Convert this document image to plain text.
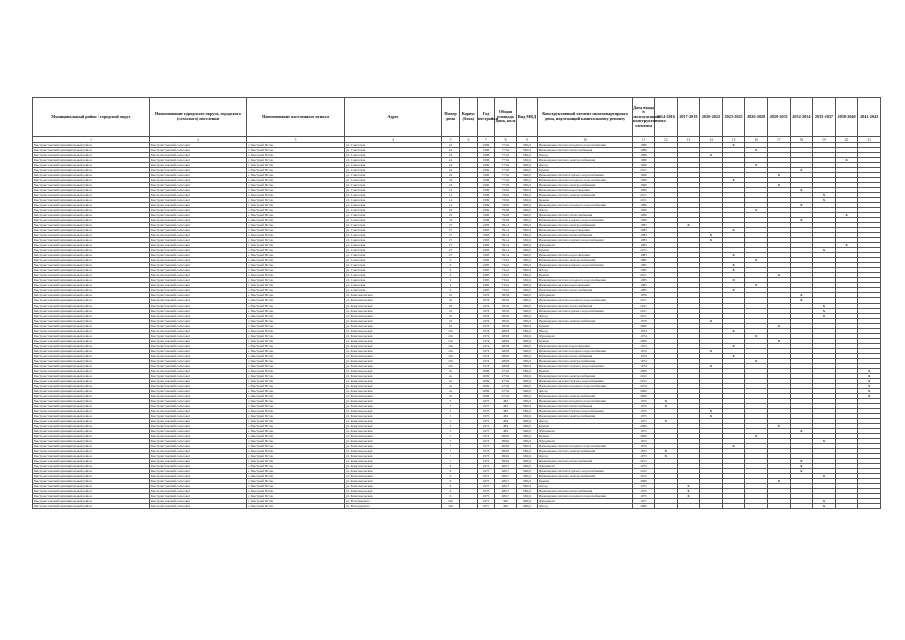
Муниципальный район / городской округ	Наименование городского округа, городского (сельского) поселения	Наименование населенного пункта	Адрес	Номер дома	Корпус (блок)	Год постройки	Общая площадь дома, кв.м	Вид МКД	Конструктивный элемент многоквартирного дома, подлежащий капитальному ремонту	Дата ввода в эксплуатацию конструктивного элемента	2014-2016	2017-2019	2020-2022	2023-2025	2026-2028	2029-2031	2032-2034	2035-2037	2038-2040	2041-2043
1	2	3	4	5	6	7	8	9	10	11	12	13	14	15	16	17	18	19	20	21
Быстроистокский муниципальный район	Быстроистокский сельсовет	с. Быстрый Исток	ул. Советская	24		1986	773,6	МКД	Инженерная система холодного водоснабжения	1986				X						
Быстроистокский муниципальный район	Быстроистокский сельсовет	с. Быстрый Исток	ул. Советская	24		1986	773,6	МКД	Инженерная система теплоснабжения	1986					X					
Быстроистокский муниципальный район	Быстроистокский сельсовет	с. Быстрый Исток	ул. Советская	24		1986	773,6	МКД	Фасад	1986			X							
Быстроистокский муниципальный район	Быстроистокский сельсовет	с. Быстрый Исток	ул. Советская	24		1986	773,6	МКД	Инженерная система электроснабжения	1990									X	
Быстроистокский муниципальный район	Быстроистокский сельсовет	с. Быстрый Исток	ул. Советская	24		1990	773,6	МКД	Фасад	1990					X					
Быстроистокский муниципальный район	Быстроистокский сельсовет	с. Быстрый Исток	ул. Советская	24		1990	773,6	МКД	Крыша	2011							X			
Быстроистокский муниципальный район	Быстроистокский сельсовет	с. Быстрый Исток	ул. Советская	24		1990	773,6	МКД	Инженерная система горячего водоснабжения	1990						X				
Быстроистокский муниципальный район	Быстроистокский сельсовет	с. Быстрый Исток	ул. Советская	24		1990	773,6	МКД	Инженерная система холодного водоснабжения	1990				X						
Быстроистокский муниципальный район	Быстроистокский сельсовет	с. Быстрый Исток	ул. Советская	24		1990	773,6	МКД	Инженерная система электроснабжения	1990						X				
Быстроистокский муниципальный район	Быстроистокский сельсовет	с. Быстрый Исток	ул. Советская	14		1999	726,6	МКД	Инженерная система водоотведения	1999							X			
Быстроистокский муниципальный район	Быстроистокский сельсовет	с. Быстрый Исток	ул. Советская	14		1999	726,6	МКД	Инженерная система электроснабжения	2011								X		
Быстроистокский муниципальный район	Быстроистокский сельсовет	с. Быстрый Исток	ул. Советская	14		1999	726,6	МКД	Крыша	2011								X		
Быстроистокский муниципальный район	Быстроистокский сельсовет	с. Быстрый Исток	ул. Советская	14		1999	726,6	МКД	Инженерная система холодного водоснабжения	1999							X			
Быстроистокский муниципальный район	Быстроистокский сельсовет	с. Быстрый Исток	ул. Советская	23		1990	794,8	МКД	Фасад	1990					X					
Быстроистокский муниципальный район	Быстроистокский сельсовет	с. Быстрый Исток	ул. Советская	23		1990	794,8	МКД	Инженерная система теплоснабжения	1990									X	
Быстроистокский муниципальный район	Быстроистокский сельсовет	с. Быстрый Исток	ул. Советская	23		1990	794,8	МКД	Инженерная система горячего водоснабжения	1990							X			
Быстроистокский муниципальный район	Быстроистокский сельсовет	с. Быстрый Исток	ул. Советская	27		1983	391,4	МКД	Инженерная система электроснабжения	1983		X								
Быстроистокский муниципальный район	Быстроистокский сельсовет	с. Быстрый Исток	ул. Советская	27		1983	391,4	МКД	Инженерная система водоотведения	1983				X						
Быстроистокский муниципальный район	Быстроистокский сельсовет	с. Быстрый Исток	ул. Советская	27		1983	391,4	МКД	Инженерная система теплоснабжения	1983			X							
Быстроистокский муниципальный район	Быстроистокский сельсовет	с. Быстрый Исток	ул. Советская	27		1983	391,4	МКД	Инженерная система горячего водоснабжения	1983			X							
Быстроистокский муниципальный район	Быстроистокский сельсовет	с. Быстрый Исток	ул. Советская	27		1983	391,4	МКД	Фундамент	1983									X	
Быстроистокский муниципальный район	Быстроистокский сельсовет	с. Быстрый Исток	ул. Советская	27		1983	391,4	МКД	Крыша	2011								X		
Быстроистокский муниципальный район	Быстроистокский сельсовет	с. Быстрый Исток	ул. Советская	27		1983	391,4	МКД	Инженерная система водоотведения	1983				X						
Быстроистокский муниципальный район	Быстроистокский сельсовет	с. Быстрый Исток	ул. Советская	9		1985	734,2	МКД	Инженерная система электроснабжения	1985					X					
Быстроистокский муниципальный район	Быстроистокский сельсовет	с. Быстрый Исток	ул. Советская	9		1985	734,2	МКД	Инженерная система горячего водоснабжения	1985				X						
Быстроистокский муниципальный район	Быстроистокский сельсовет	с. Быстрый Исток	ул. Советская	9		1985	734,2	МКД	Фасад	1985				X						
Быстроистокский муниципальный район	Быстроистокский сельсовет	с. Быстрый Исток	ул. Советская	9		1985	734,2	МКД	Крыша	2011						X				
Быстроистокский муниципальный район	Быстроистокский сельсовет	с. Быстрый Исток	ул. Советская	9		1985	734,2	МКД	Инженерная система холодного водоснабжения	1985				X						
Быстроистокский муниципальный район	Быстроистокский сельсовет	с. Быстрый Исток	ул. Советская	9		1985	734,2	МКД	Инженерная система водоотведения	1985					X					
Быстроистокский муниципальный район	Быстроистокский сельсовет	с. Быстрый Исток	ул. Советская	9		1985	734,2	МКД	Инженерная система теплоснабжения	1985				X						
Быстроистокский муниципальный район	Быстроистокский сельсовет	с. Быстрый Исток	ул. Комсомольская	10		1976	582,6	МКД	Фундамент	1976							X			
Быстроистокский муниципальный район	Быстроистокский сельсовет	с. Быстрый Исток	ул. Комсомольская	10		1976	582,6	МКД	Инженерная система холодного водоснабжения	2011							X			
Быстроистокский муниципальный район	Быстроистокский сельсовет	с. Быстрый Исток	ул. Комсомольская	10		1976	582,6	МКД	Инженерная система теплоснабжения	2011								X		
Быстроистокский муниципальный район	Быстроистокский сельсовет	с. Быстрый Исток	ул. Комсомольская	10		1976	582,6	МКД	Инженерная система горячего водоснабжения	2011								X		
Быстроистокский муниципальный район	Быстроистокский сельсовет	с. Быстрый Исток	ул. Комсомольская	10		1976	582,6	МКД	Фасад	2011								X		
Быстроистокский муниципальный район	Быстроистокский сельсовет	с. Быстрый Исток	ул. Комсомольская	10		1976	582,6	МКД	Инженерная система электроснабжения	1976			X							
Быстроистокский муниципальный район	Быстроистокский сельсовет	с. Быстрый Исток	ул. Комсомольская	10		1976	582,6	МКД	Крыша	2006						X				
Быстроистокский муниципальный район	Быстроистокский сельсовет	с. Быстрый Исток	ул. Комсомольская	10а		1974	489,8	МКД	Фасад	1974				X						
Быстроистокский муниципальный район	Быстроистокский сельсовет	с. Быстрый Исток	ул. Комсомольская	10а		1974	489,8	МКД	Фундамент	1974					X					
Быстроистокский муниципальный район	Быстроистокский сельсовет	с. Быстрый Исток	ул. Комсомольская	10а		1974	489,8	МКД	Крыша	2006						X				
Быстроистокский муниципальный район	Быстроистокский сельсовет	с. Быстрый Исток	ул. Комсомольская	10а		1974	489,8	МКД	Инженерная система водоотведения	1974				X						
Быстроистокский муниципальный район	Быстроистокский сельсовет	с. Быстрый Исток	ул. Комсомольская	10а		1974	489,8	МКД	Инженерная система холодного водоснабжения	1974			X							
Быстроистокский муниципальный район	Быстроистокский сельсовет	с. Быстрый Исток	ул. Комсомольская	10а		1974	489,8	МКД	Инженерная система теплоснабжения	1974				X						
Быстроистокский муниципальный район	Быстроистокский сельсовет	с. Быстрый Исток	ул. Комсомольская	10а		1974	489,8	МКД	Инженерная система электроснабжения	1974					X					
Быстроистокский муниципальный район	Быстроистокский сельсовет	с. Быстрый Исток	ул. Комсомольская	10а		1974	489,8	МКД	Инженерная система горячего водоснабжения	1974			X							
Быстроистокский муниципальный район	Быстроистокский сельсовет	с. Быстрый Исток	ул. Комсомольская	2а		2009	475,6	МКД	Крыша	2009										X
Быстроистокский муниципальный район	Быстроистокский сельсовет	с. Быстрый Исток	ул. Комсомольская	2а		2009	475,6	МКД	Инженерная система электроснабжения	2012										X
Быстроистокский муниципальный район	Быстроистокский сельсовет	с. Быстрый Исток	ул. Комсомольская	2а		2009	475,6	МКД	Инженерная система горячего водоснабжения	2012										X
Быстроистокский муниципальный район	Быстроистокский сельсовет	с. Быстрый Исток	ул. Комсомольская	2а		2009	475,6	МКД	Инженерная система холодного водоснабжения	2019										X
Быстроистокский муниципальный район	Быстроистокский сельсовет	с. Быстрый Исток	ул. Комсомольская	2а		2009	475,6	МКД	Фасад	2009										X
Быстроистокский муниципальный район	Быстроистокский сельсовет	с. Быстрый Исток	ул. Комсомольская	2а		2009	475,6	МКД	Инженерная система электроснабжения	2009										X
Быстроистокский муниципальный район	Быстроистокский сельсовет	с. Быстрый Исток	ул. Комсомольская	5		1975	484	МКД	Инженерная система холодного водоснабжения	1975	X									
Быстроистокский муниципальный район	Быстроистокский сельсовет	с. Быстрый Исток	ул. Комсомольская	5		1975	484	МКД	Инженерная система теплоснабжения	1975	X									
Быстроистокский муниципальный район	Быстроистокский сельсовет	с. Быстрый Исток	ул. Комсомольская	5		1975	484	МКД	Инженерная система горячего водоснабжения	1975			X							
Быстроистокский муниципальный район	Быстроистокский сельсовет	с. Быстрый Исток	ул. Комсомольская	5		1975	484	МКД	Инженерная система электроснабжения	1975			X							
Быстроистокский муниципальный район	Быстроистокский сельсовет	с. Быстрый Исток	ул. Комсомольская	5		1975	484	МКД	Фасад	1975	X									
Быстроистокский муниципальный район	Быстроистокский сельсовет	с. Быстрый Исток	ул. Комсомольская	5		1975	484	МКД	Крыша	2006						X				
Быстроистокский муниципальный район	Быстроистокский сельсовет	с. Быстрый Исток	ул. Комсомольская	5		1975	484	МКД	Фундамент	1975							X			
Быстроистокский муниципальный район	Быстроистокский сельсовет	с. Быстрый Исток	ул. Комсомольская	7		1973	699,6	МКД	Крыша	2006					X					
Быстроистокский муниципальный район	Быстроистокский сельсовет	с. Быстрый Исток	ул. Комсомольская	7		1973	699,6	МКД	Фундамент	1973								X		
Быстроистокский муниципальный район	Быстроистокский сельсовет	с. Быстрый Исток	ул. Комсомольская	7		1973	699,6	МКД	Инженерная система холодного водоснабжения	1973				X						
Быстроистокский муниципальный район	Быстроистокский сельсовет	с. Быстрый Исток	ул. Комсомольская	7		1973	699,6	МКД	Инженерная система электроснабжения	1973	X									
Быстроистокский муниципальный район	Быстроистокский сельсовет	с. Быстрый Исток	ул. Комсомольская	7		1973	699,6	МКД	Фасад	1973	X									
Быстроистокский муниципальный район	Быстроистокский сельсовет	с. Быстрый Исток	ул. Комсомольская	7		1973	699,6	МКД	Инженерная система теплоснабжения	2011							X			
Быстроистокский муниципальный район	Быстроистокский сельсовет	с. Быстрый Исток	ул. Комсомольская	9		1975	486,7	МКД	Фундамент	1975							X			
Быстроистокский муниципальный район	Быстроистокский сельсовет	с. Быстрый Исток	ул. Комсомольская	9		1975	486,7	МКД	Инженерная система горячего водоснабжения	2012							X			
Быстроистокский муниципальный район	Быстроистокский сельсовет	с. Быстрый Исток	ул. Комсомольская	9		1975	486,7	МКД	Инженерная система электроснабжения	2012								X		
Быстроистокский муниципальный район	Быстроистокский сельсовет	с. Быстрый Исток	ул. Комсомольская	9		1975	486,7	МКД	Крыша	2006						X				
Быстроистокский муниципальный район	Быстроистокский сельсовет	с. Быстрый Исток	ул. Комсомольская	9		1975	486,7	МКД	Фасад	1975		X								
Быстроистокский муниципальный район	Быстроистокский сельсовет	с. Быстрый Исток	ул. Комсомольская	9		1975	486,7	МКД	Инженерная система теплоснабжения	1975		X								
Быстроистокский муниципальный район	Быстроистокский сельсовет	с. Быстрый Исток	ул. Комсомольская	9		1975	486,7	МКД	Инженерная система холодного водоснабжения	1975		X								
Быстроистокский муниципальный район	Быстроистокский сельсовет	с. Быстрый Исток	ул. Володарского	10а		1977	300	МКД	Фундамент	1977								X		
Быстроистокский муниципальный район	Быстроистокский сельсовет	с. Быстрый Исток	ул. Володарского	10а		1977	300	МКД	Фасад	2009								X		
